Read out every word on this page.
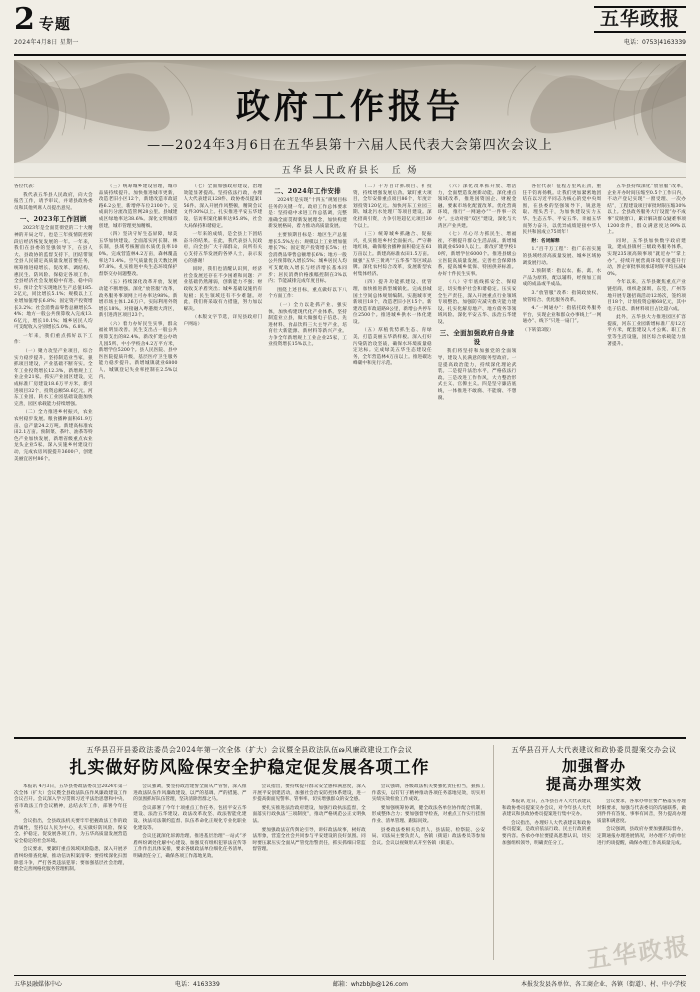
2 专题
2024年4月8日 星期一
五华政报
电话：0753|4163339
政府工作报告
——2024年3月6日在五华县第十六届人民代表大会第四次会议上
五华县人民政府县长　丘 炀

各位代表：

我代表五华县人民政府，向大会报告工作，请予审议，并请县政协委员和其他列席人员提出意见。

一、2023年工作回顾

2023年是全面贯彻党的二十大精神的开局之年，也是三年疫情防控转段后经济恢复发展的一年。一年来，我们在县委的坚强领导下，在县人大、县政协的监督支持下，团结带领全县人民锚定高质量发展首要任务，统筹推进稳增长、促改革、调结构、惠民生、防风险、保稳定各项工作，全县经济社会发展稳中有进、稳中向好。预计全年实现地区生产总值185.2亿元，同比增长5.1%；规模以上工业增加值增长6.8%；固定资产投资增长3.2%；社会消费品零售总额增长5.4%；地方一般公共预算收入完成13.6亿元，增长10.1%；城乡居民人均可支配收入分别增长5.0%、6.8%。

一年来，我们重点抓好以下工作：

（一）聚力攻坚产业项目，综合实力稳步提升。坚持制造业当家，狠抓项目建设，产业基础不断夯实。全年工业投资增长12.3%，新增规上工业企业21家。抓实产业园区建设，完成标准厂房建设18.6万平方米，新引进项目32个，投资总额58.6亿元。河东工业园、转水工业园基础设施加快完善，园区承载能力持续增强。

（二）全力推进乡村振兴，农业农村稳步发展。粮食播种面积61.9万亩、总产量24.2万吨。新建高标准农田2.1万亩。预制菜、茶叶、油茶等特色产业加快发展，新增省级重点农业龙头企业5家。深入实施乡村建设行动，完成农房风貌提升3600户，创建美丽宜居村86个。

（三）统筹城乡建设管理，城市品质持续提升。加快推进城市更新，改造老旧小区12个，新建改造市政道路6.2公里，新增停车位2100个。完成雨污分流改造管网28公里。县城建成区绿地率达38.6%。深化文明城市创建，城市管理更加精细。

（四）坚决守好生态屏障，绿美五华加快建设。全面落实河长制、林长制，县域考核断面水质优良率100%。完成营造林4.2万亩，森林覆盖率达71.4%。空气质量优良天数比例97.8%。扎实推进中央生态环境保护督察交办问题整改。

（五）持续深化改革开放，发展动能不断增强。深化“放管服”改革，政务服务事项网上可办率达98%。新增市场主体1.26万户。实际利用外资增长18%。对接融入粤港澳大湾区，新引进湾区项目23个。

（六）着力办好民生实事，群众福祉明显改善。民生支出占一般公共预算支出的82.4%。新改扩建公办幼儿园5所、中小学校舍4.2万平方米，新增学位5200个。县人民医院、县中医医院提质升级，基层医疗卫生服务能力稳步提升。新增城镇就业6800人，城镇登记失业率控制在2.5%以内。

（七）全面加强政府建设，治理效能显著提高。坚持依法行政，办理人大代表建议128件、政协委员提案156件。深入开展作风整顿，精简会议文件30%以上。扎实推进平安五华建设，信访积案化解率达95.8%，社会大局保持和谐稳定。

一年来的成绩，是全县上下团结奋斗的结果。在此，我代表县人民政府，向全县广大干部群众，向所有关心支持五华发展的各界人士，表示衷心的感谢！

同时，我们也清醒认识到，经济社会发展还存在不少困难和问题：产业基础仍然薄弱，创新能力不强；财政收支矛盾突出；城乡基础设施仍有短板；民生领域还有不少难题。对此，我们将采取有力措施，努力加以解决。

（本版文字节选，详见县政府门户网站）

二、2024年工作安排

2024年是实现“十四五”规划目标任务的关键一年。政府工作总体要求是：坚持稳中求进工作总基调，完整准确全面贯彻新发展理念，加快构建新发展格局，着力推动高质量发展。

主要预期目标是：地区生产总值增长5.5%左右；规模以上工业增加值增长7%；固定资产投资增长5%；社会消费品零售总额增长6%；地方一般公共预算收入增长5%；城乡居民人均可支配收入增长与经济增长基本同步；居民消费价格涨幅控制在3%以内；节能减排完成年度目标。

围绕上述目标，重点做好以下八个方面工作：

（一）全力以赴抓产业、强实体，加快构建现代化产业体系。坚持制造业立县，做大做强电子信息、先进材料、食品饮料三大主导产业，培育壮大新能源、新材料等新兴产业。力争全年新增规上工业企业25家，工业投资增长15%以上。

（二）千方百计抓项目、扩投资，持续增强发展后劲。紧盯重大项目，全年安排重点项目86个，年度计划投资120亿元。加快河东工业园三期、城北污水处理厂等项目建设。深化招商引资，力争引进超亿元项目30个以上。

（三）统筹城乡抓融合、促振兴，扎实推进乡村全面振兴。严守耕地红线，确保粮食播种面积稳定在61万亩以上。新建高标准农田1.5万亩。做强“五华三黄鸡”“五华茶”等区域品牌。深化农村综合改革，发展新型农村集体经济。

（四）提升功能抓建设、优管理，加快推进新型城镇化。完成县城国土空间总体规划编制。实施城市更新项目18个，改造老旧小区15个。新建改造市政道路8公里，新增公共停车位2500个。推进城乡供水一体化建设。

（五）厚植优势抓生态、育绿美，打造美丽五华新样板。深入打好污染防治攻坚战，确保水环境质量稳定达标。完成绿美五华生态建设任务，全年营造林4万亩以上。推进碳达峰碳中和先行示范。

（六）深化改革抓开放、增活力，全面塑造发展新动能。深化重点领域改革，推进国资国企、财税金融、要素市场化配置改革。优化营商环境，推行“一网通办”“一件事一次办”。主动对接“双区”建设，深化与大湾区产业共建。

（七）尽心尽力抓民生、增福祉，不断提升群众生活品质。新增城镇就业6500人以上。新改扩建学校10所，新增学位6000个。推进县级公立医院高质量发展。完善社会保障体系，提高城乡低保、特困供养标准。办好十件民生实事。

（八）守牢底线抓安全、保稳定，切实维护社会和谐稳定。压实安全生产责任，深入开展重点行业领域专项整治。加强防灾减灾救灾能力建设。扎实化解房地产、地方债务等领域风险。深化平安五华、法治五华建设。

三、全面加强政府自身建设

我们将坚持和加强党的全面领导，建设人民满意的服务型政府。一是提高政治能力，持续深化理论武装。二是提升法治水平，严格依法行政。三是改进工作作风，大力整治形式主义、官僚主义。四是坚守廉洁底线，一体推进不敢腐、不能腐、不想腐。

各位代表！征程万里风正劲，重任千钧再扬帆。让我们更加紧密地团结在以习近平同志为核心的党中央周围，在县委的坚强领导下，锐意进取、埋头苦干，为加快建设实力五华、生态五华、平安五华、幸福五华而努力奋斗，以优异成绩迎接中华人民共和国成立75周年！

附：名词解释

1.“百千万工程”：指广东省实施的县域经济高质量发展、城乡区域协调发展行动。

2.预制菜：指以农、畜、禽、水产品为原料，配以辅料，经预加工而成的成品或半成品。

3.“放管服”改革：指简政放权、放管结合、优化服务改革。

4.“一网通办”：指依托政务服务平台，实现企业和群众办事线上“一网通办”、线下“只进一扇门”。

（下转第3版）

五华县持续深化“放管服”改革，企业开办时间压缩至0.5个工作日内，不动产登记实现“一窗受理、一次办结”，工程建设项目审批时限压缩30%以上。全县政务服务大厅设置“办不成事”反映窗口，累计解决群众疑难事项1200余件，群众满意度达99%以上。

同时，五华县加快数字政府建设，建成县镇村三级政务服务体系，实现235项高频事项“就近办”“掌上办”。持续开展营商环境专项提升行动，涉企审批事项承诺时限平均压减40%。

今年以来，五华县聚焦重点产业链招商，组织赴深圳、东莞、广州等地开展专题招商活动12场次，签约项目18个，计划投资总额68亿元，其中电子信息、新材料项目占比超六成。

此外，五华县大力推进园区扩容提质，河东工业园新增标准厂房12万平方米，配套建设人才公寓、职工食堂等生活设施，园区综合承载能力显著提升。

五华县召开县委政法委员会2024年第一次全体（扩大）会议暨全县政法队伍ణ风廉政建设工作会议
扎实做好防风险保安全护稳定促发展各项工作

本报讯 4月3日，五华县委政法委员会2024年第一次全体（扩大）会议暨全县政法队伍作风廉政建设工作会议召开。会议深入学习贯彻习近平法治思想和中央、省市政法工作会议精神，总结去年工作，部署今年任务。

会议指出，全县政法机关要牢牢把握政法工作的政治属性，坚持以人民为中心，扎实做好防风险、保安全、护稳定、促发展各项工作，为五华高质量发展营造安全稳定的社会环境。

会议要求，要紧盯重点领域风险隐患，深入开展矛盾纠纷排查化解，推动信访积案清零；要持续深化扫黑除恶斗争，严打各类违法犯罪；要加强基层社会治理，健全完善网格化服务管理机制。

会议强调，要坚持政治建警全面从严管警，深入推进政法队伍作风廉政建设，以严的基调、严的措施、严的氛围抓好队伍管理，坚决清除害群之马。

会议部署了今年十项重点工作任务，包括平安五华建设、法治五华建设、政法改革攻坚、政法智能化建设、执法司法制约监督、队伍革命化正规化专业化职业化建设等。

会议还就深化诉源治理、推进基层治理“一站式”矛盾纠纷调处化解中心建设、加强反有组织犯罪法宣传等工作作出具体安排，要求各级政法单位细化任务清单，明确责任分工，确保各项工作落地见效。

会议指出，要持续提升群众安全感和满意度，深入开展平安创建活动，加强社会治安防控体系建设，进一步提高街面见警率、管事率，切实增强群众的安全感。

要扎实推进法治政府建设，加强行政执法监督，全面落实行政执法“三项制度”，推动严格规范公正文明执法。

要加强政法宣传舆论引导，讲好政法故事，树好政法形象，营造全社会共同参与平安建设的良好氛围。同时要压紧压实全面从严管党治警责任，抓实抓细日常监督管理。

会议强调，各级政法机关要强化责任担当，狠抓工作落实，以钉钉子精神推动各项任务落地见效，切实用实绩实效检验工作成效。

要加强统筹协调，健全政法各单位协作配合机制，形成整体合力；要加强督导检查，对重点工作实行挂图作业、清单管理、跟踪问效。

县委政法委相关负责人，县法院、检察院、公安局、司法局主要负责人，各镇（街道）政法委员等参加会议。会议以视频形式开至各镇（街道）。

五华县召开人大代表建议和政协委员提案交办会议
加强督办
提高办理实效

本报讯 近日，五华县召开人大代表建议和政协委员提案交办会议，对今年县人大代表建议和县政协委员提案进行集中交办。

会议指出，办理好人大代表建议和政协委员提案，是政府依法行政、民主行政的重要内容。各承办单位要提高思想认识，切实加强组织领导，明确责任分工。

会议要求，各承办单位要严格落实办理时限要求，加强与代表委员的沟通联系，做到件件有答复、事事有回音，努力提高办理质量和满意度。

会议强调，县政府办要加强跟踪督办，定期通报办理进展情况，对办理不力的单位进行约谈提醒，确保办理工作高质量完成。

五华政报
五华县融媒体中心	电话：4163339	邮箱：whzbbjb@126.com	本报发发县各单位、各工商企业、各镇（街道）、村、中小学校
